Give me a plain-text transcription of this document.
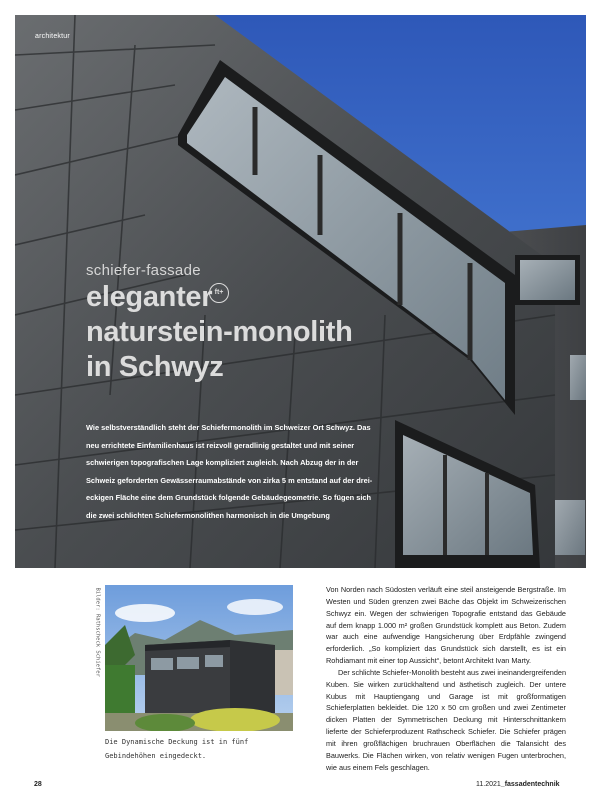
architektur
schiefer-fassade
eleganter ft+
naturstein-monolith
in Schwyz
Wie selbstverständlich steht der Schiefermonolith im Schweizer Ort Schwyz. Das
neu errichtete Einfamilienhaus ist reizvoll geradlinig gestaltet und mit seiner
schwierigen topografischen Lage kompliziert zugleich. Nach Abzug der in der
Schweiz geforderten Gewässerraumabstände von zirka 5 m entstand auf der drei-
eckigen Fläche eine dem Grundstück folgende Gebäudegeometrie. So fügen sich
die zwei schlichten Schiefermonolithen harmonisch in die Umgebung
Bilder: Rathscheck Schiefer
Die Dynamische Deckung ist in fünf
Gebindehöhen eingedeckt.

Von Norden nach Südosten verläuft eine steil ansteigende Bergstraße. Im Westen und Süden grenzen zwei Bäche das Objekt im Schweizerischen Schwyz ein. Wegen der schwierigen Topografie entstand das Gebäude auf dem knapp 1.000 m² großen Grundstück komplett aus Beton. Zudem war auch eine aufwendige Hangsicherung über Erdpfähle zwingend erforderlich. „So kompliziert das Grundstück sich darstellt, es ist ein Rohdiamant mit einer top Aussicht“, betont Architekt Ivan Marty.

Der schlichte Schiefer-Monolith besteht aus zwei ineinandergreifenden Kuben. Sie wirken zurückhaltend und ästhetisch zugleich. Der untere Kubus mit Hauptiengang und Garage ist mit großformatigen Schieferplatten bekleidet. Die 120 x 50 cm großen und zwei Zentimeter dicken Platten der Symmetrischen Deckung mit Hinterschnittankern lieferte der Schieferproduzent Rathscheck Schiefer. Die Schiefer prägen mit ihren großflächigen bruchrauen Oberflächen die Talansicht des Bauwerks. Die Flächen wirken, von relativ wenigen Fugen unterbrochen, wie aus einem Fels geschlagen.

28	11.2021_fassadentechnik
